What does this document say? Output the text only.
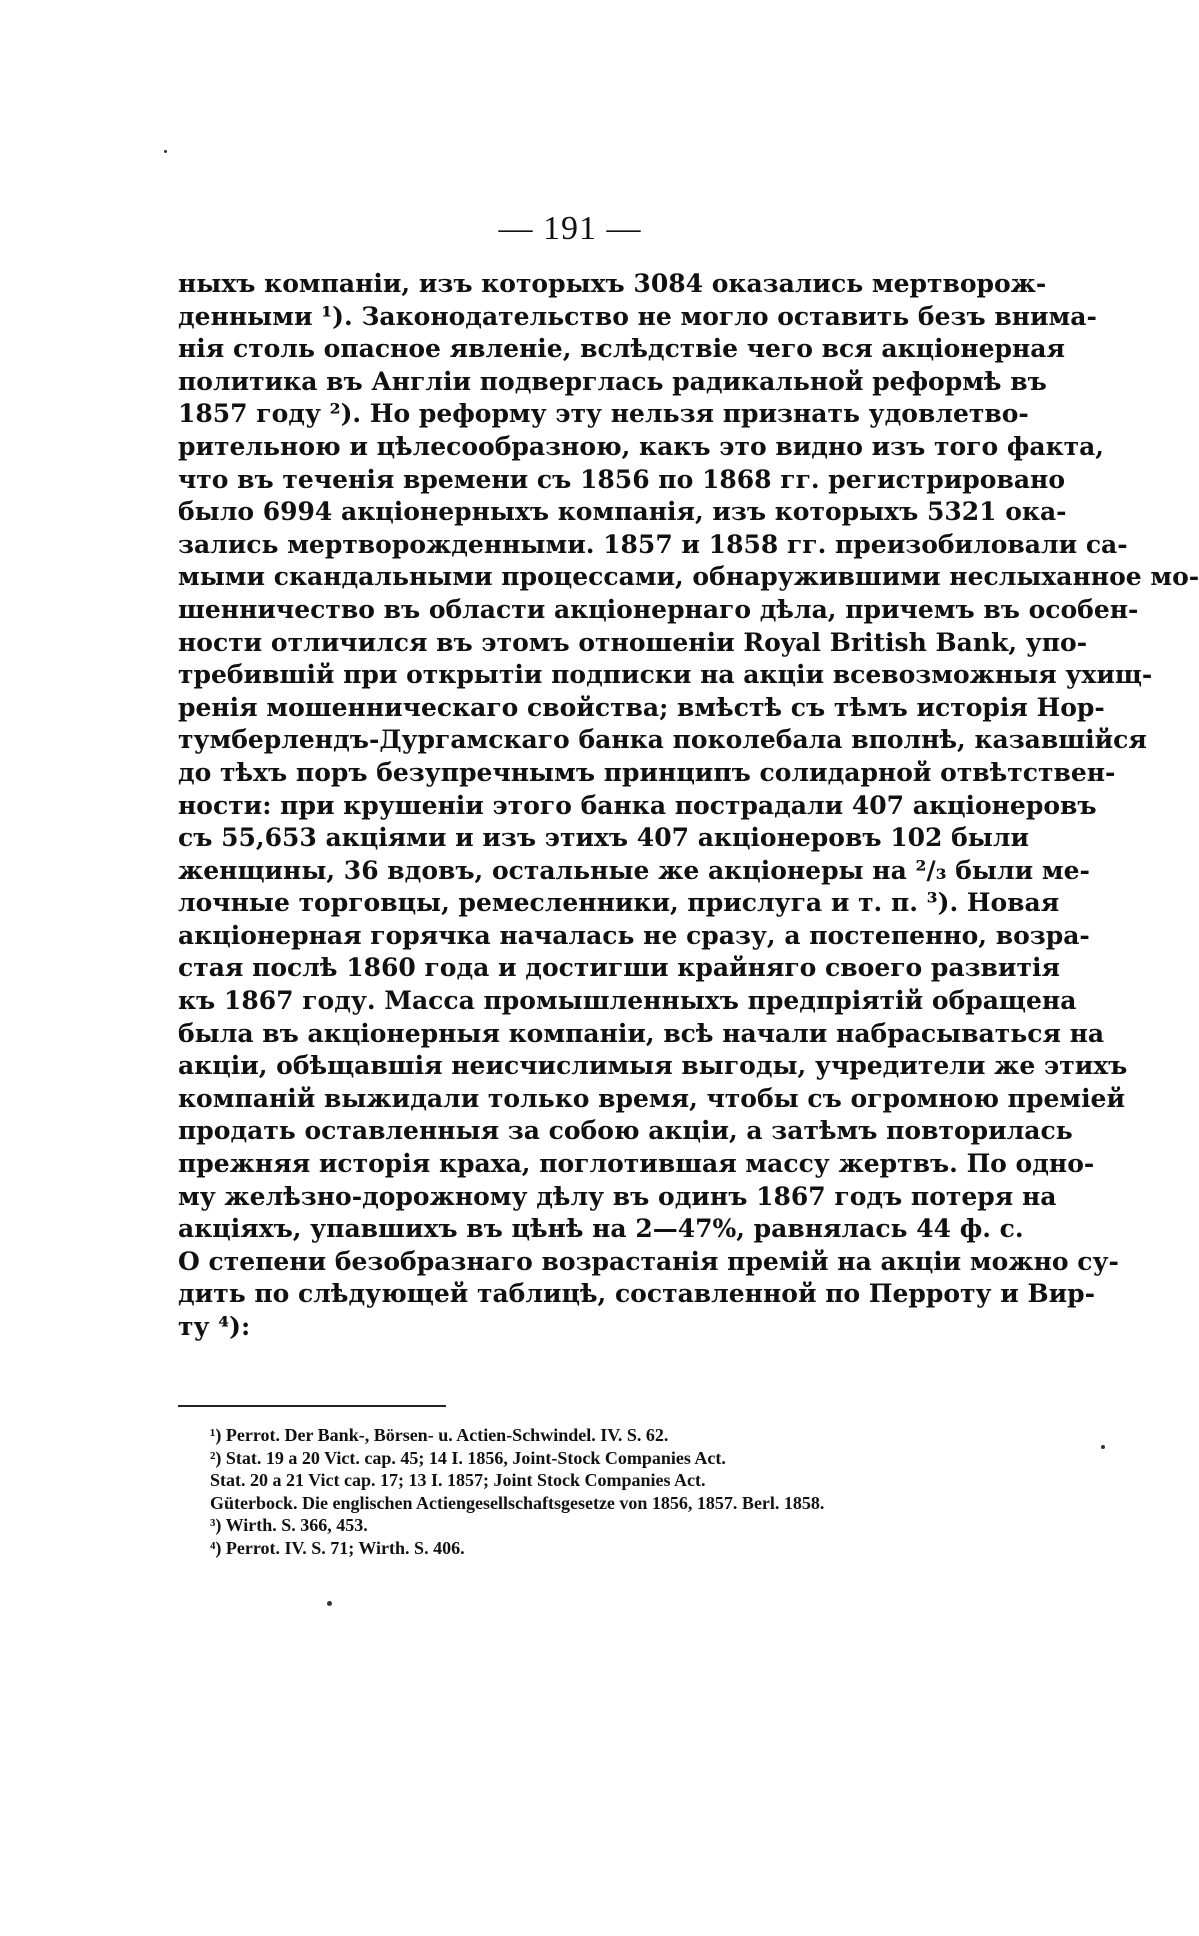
— 191 —
ныхъ компаніи, изъ которыхъ 3084 оказались мертворож-
денными ¹). Законодательство не могло оставить безъ внима-
нія столь опасное явленіе, вслѣдствіе чего вся акціонерная
политика въ Англіи подверглась радикальной реформѣ въ
1857 году ²). Но реформу эту нельзя признать удовлетво-
рительною и цѣлесообразною, какъ это видно изъ того факта,
что въ теченія времени съ 1856 по 1868 гг. регистрировано
было 6994 акціонерныхъ компанія, изъ которыхъ 5321 ока-
зались мертворожденными. 1857 и 1858 гг. преизобиловали са-
мыми скандальными процессами, обнаружившими неслыханное мо-
шенничество въ области акціонернаго дѣла, причемъ въ особен-
ности отличился въ этомъ отношеніи Royal British Bank, упо-
требившій при открытіи подписки на акціи всевозможныя ухищ-
ренія мошенническаго свойства; вмѣстѣ съ тѣмъ исторія Нор-
тумберлендъ-Дургамскаго банка поколебала вполнѣ, казавшійся
до тѣхъ поръ безупречнымъ принципъ солидарной отвѣтствен-
ности: при крушеніи этого банка пострадали 407 акціонеровъ
съ 55,653 акціями и изъ этихъ 407 акціонеровъ 102 были
женщины, 36 вдовъ, остальные же акціонеры на ²/₃ были ме-
лочные торговцы, ремесленники, прислуга и т. п. ³). Новая
акціонерная горячка началась не сразу, а постепенно, возра-
стая послѣ 1860 года и достигши крайняго своего развитія
къ 1867 году. Масса промышленныхъ предпріятій обращена
была въ акціонерныя компаніи, всѣ начали набрасываться на
акціи, обѣщавшія неисчислимыя выгоды, учредители же этихъ
компаній выжидали только время, чтобы съ огромною преміей
продать оставленныя за собою акціи, а затѣмъ повторилась
прежняя исторія краха, поглотившая массу жертвъ. По одно-
му желѣзно-дорожному дѣлу въ одинъ 1867 годъ потеря на
акціяхъ, упавшихъ въ цѣнѣ на 2—47%, равнялась 44 ф. с.
О степени безобразнаго возрастанія премій на акціи можно су-
дить по слѣдующей таблицѣ, составленной по Перроту и Вир-
ту ⁴):
¹) Perrot. Der Bank-, Börsen- u. Actien-Schwindel. IV. S. 62.
²) Stat. 19 a 20 Vict. cap. 45; 14 I. 1856, Joint-Stock Companies Act.
Stat. 20 a 21 Vict cap. 17; 13 I. 1857; Joint Stock Companies Act.
Güterbock. Die englischen Actiengesellschaftsgesetze von 1856, 1857. Berl. 1858.
³) Wirth. S. 366, 453.
⁴) Perrot. IV. S. 71; Wirth. S. 406.
